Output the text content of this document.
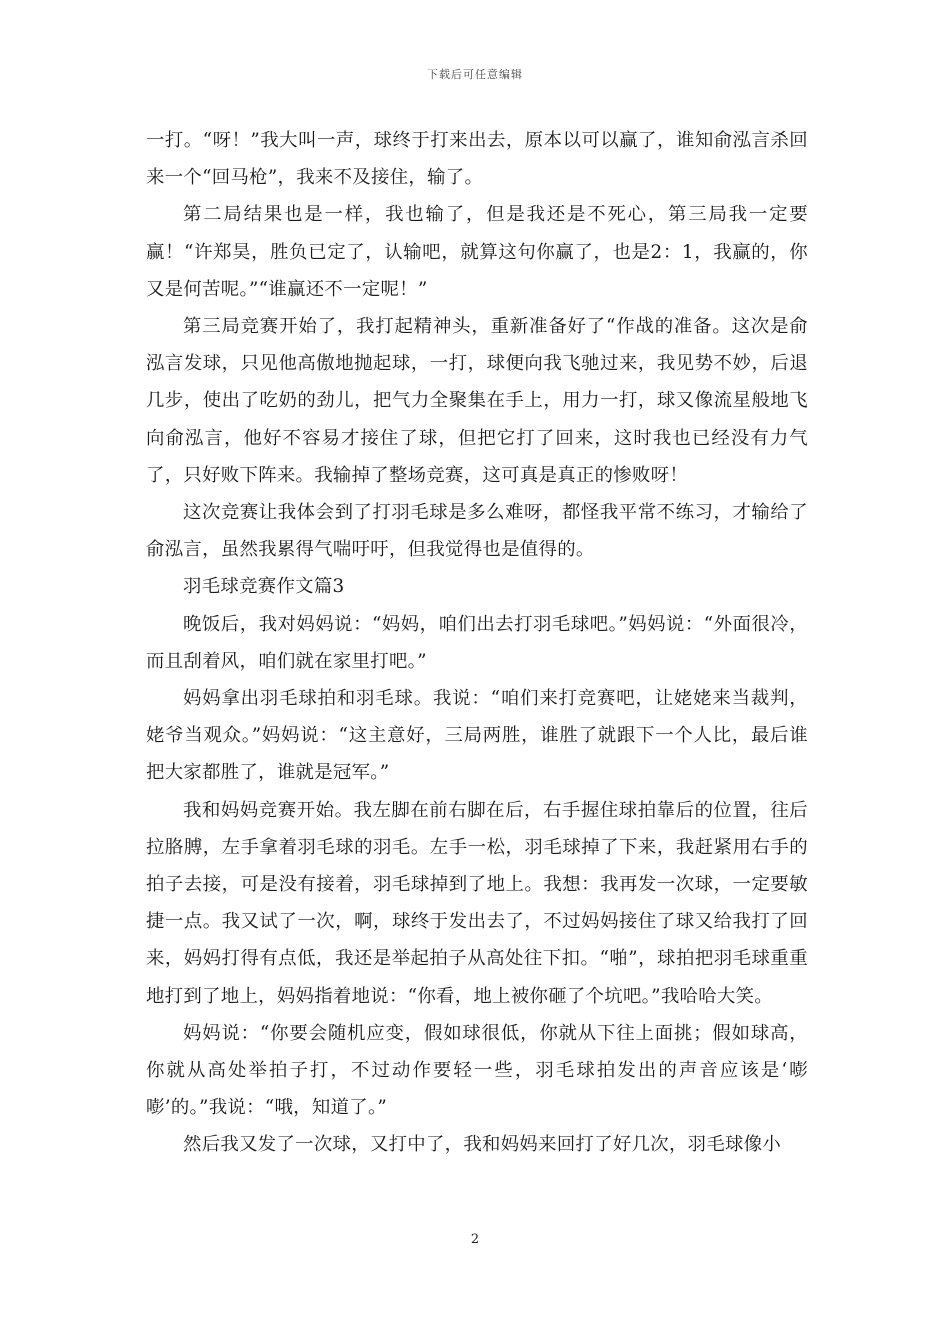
下载后可任意编辑

一打。“呀！”我大叫一声，球终于打来出去，原本以可以赢了，谁知俞泓言杀回来一个“回马枪”，我来不及接住，输了。

第二局结果也是一样，我也输了，但是我还是不死心，第三局我一定要赢！“许郑昊，胜负已定了，认输吧，就算这句你赢了，也是2：1，我赢的，你又是何苦呢。”“谁赢还不一定呢！”

第三局竞赛开始了，我打起精神头，重新准备好了“作战的准备。这次是俞泓言发球，只见他高傲地抛起球，一打，球便向我飞驰过来，我见势不妙，后退几步，使出了吃奶的劲儿，把气力全聚集在手上，用力一打，球又像流星般地飞向俞泓言，他好不容易才接住了球，但把它打了回来，这时我也已经没有力气了，只好败下阵来。我输掉了整场竞赛，这可真是真正的惨败呀！

这次竞赛让我体会到了打羽毛球是多么难呀，都怪我平常不练习，才输给了俞泓言，虽然我累得气喘吁吁，但我觉得也是值得的。

羽毛球竞赛作文篇3

晚饭后，我对妈妈说：“妈妈，咱们出去打羽毛球吧。”妈妈说：“外面很冷，而且刮着风，咱们就在家里打吧。”

妈妈拿出羽毛球拍和羽毛球。我说：“咱们来打竞赛吧，让姥姥来当裁判，姥爷当观众。”妈妈说：“这主意好，三局两胜，谁胜了就跟下一个人比，最后谁把大家都胜了，谁就是冠军。”

我和妈妈竞赛开始。我左脚在前右脚在后，右手握住球拍靠后的位置，往后拉胳膊，左手拿着羽毛球的羽毛。左手一松，羽毛球掉了下来，我赶紧用右手的拍子去接，可是没有接着，羽毛球掉到了地上。我想：我再发一次球，一定要敏捷一点。我又试了一次，啊，球终于发出去了，不过妈妈接住了球又给我打了回来，妈妈打得有点低，我还是举起拍子从高处往下扣。“啪”，球拍把羽毛球重重地打到了地上，妈妈指着地说：“你看，地上被你砸了个坑吧。”我哈哈大笑。

妈妈说：“你要会随机应变，假如球很低，你就从下往上面挑；假如球高，你就从高处举拍子打，不过动作要轻一些，羽毛球拍发出的声音应该是‘嘭嘭’的。”我说：“哦，知道了。”

然后我又发了一次球，又打中了，我和妈妈来回打了好几次，羽毛球像小

2
